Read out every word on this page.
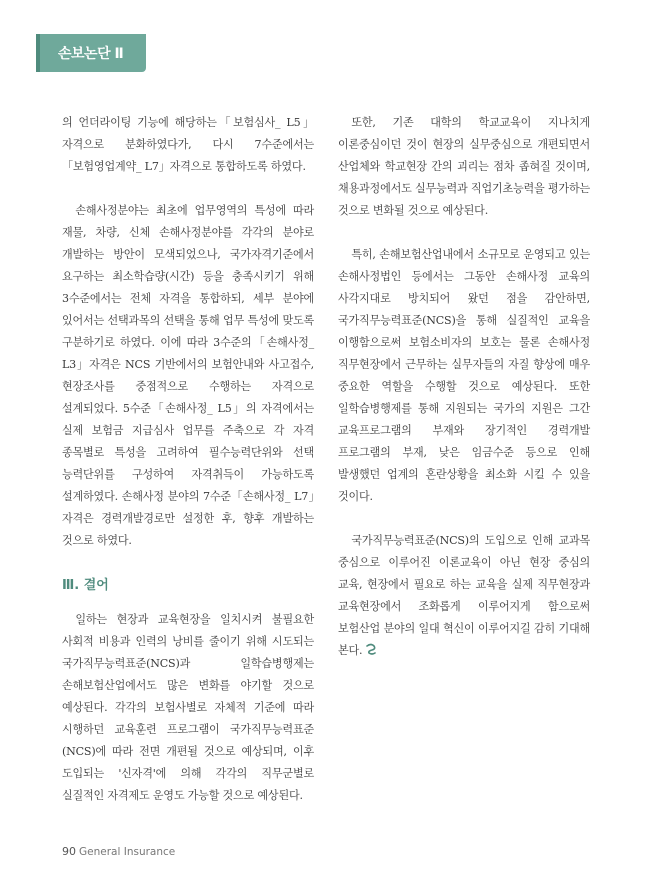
손보논단 Ⅱ

의 언더라이팅 기능에 해당하는「보험심사_ L5」자격으로 분화하였다가, 다시 7수준에서는「보험영업계약_ L7」자격으로 통합하도록 하였다.

손해사정분야는 최초에 업무영역의 특성에 따라 재물, 차량, 신체 손해사정분야를 각각의 분야로 개발하는 방안이 모색되었으나, 국가자격기준에서 요구하는 최소학습량(시간) 등을 충족시키기 위해 3수준에서는 전체 자격을 통합하되, 세부 분야에 있어서는 선택과목의 선택을 통해 업무 특성에 맞도록 구분하기로 하였다. 이에 따라 3수준의「손해사정_ L3」자격은 NCS 기반에서의 보험안내와 사고접수, 현장조사를 중점적으로 수행하는 자격으로 설계되었다. 5수준「손해사정_ L5」의 자격에서는 실제 보험금 지급심사 업무를 주축으로 각 자격 종목별로 특성을 고려하여 필수능력단위와 선택 능력단위를 구성하여 자격취득이 가능하도록 설계하였다. 손해사정 분야의 7수준「손해사정_ L7」자격은 경력개발경로만 설정한 후, 향후 개발하는 것으로 하였다.

Ⅲ. 결어

일하는 현장과 교육현장을 일치시켜 불필요한 사회적 비용과 인력의 낭비를 줄이기 위해 시도되는 국가직무능력표준(NCS)과 일학습병행제는 손해보험산업에서도 많은 변화를 야기할 것으로 예상된다. 각각의 보험사별로 자체적 기준에 따라 시행하던 교육훈련 프로그램이 국가직무능력표준(NCS)에 따라 전면 개편될 것으로 예상되며, 이후 도입되는 '신자격'에 의해 각각의 직무군별로 실질적인 자격제도 운영도 가능할 것으로 예상된다.

또한, 기존 대학의 학교교육이 지나치게 이론중심이던 것이 현장의 실무중심으로 개편되면서 산업체와 학교현장 간의 괴리는 점차 좁혀질 것이며, 채용과정에서도 실무능력과 직업기초능력을 평가하는 것으로 변화될 것으로 예상된다.

특히, 손해보험산업내에서 소규모로 운영되고 있는 손해사정법인 등에서는 그동안 손해사정 교육의 사각지대로 방치되어 왔던 점을 감안하면, 국가직무능력표준(NCS)을 통해 실질적인 교육을 이행함으로써 보험소비자의 보호는 물론 손해사정 직무현장에서 근무하는 실무자들의 자질 향상에 매우 중요한 역할을 수행할 것으로 예상된다. 또한 일학습병행제를 통해 지원되는 국가의 지원은 그간 교육프로그램의 부재와 장기적인 경력개발 프로그램의 부재, 낮은 임금수준 등으로 인해 발생했던 업계의 혼란상황을 최소화 시킬 수 있을 것이다.

국가직무능력표준(NCS)의 도입으로 인해 교과목 중심으로 이루어진 이론교육이 아닌 현장 중심의 교육, 현장에서 필요로 하는 교육을 실제 직무현장과 교육현장에서 조화롭게 이루어지게 함으로써 보험산업 분야의 일대 혁신이 이루어지길 감히 기대해 본다.

90 General Insurance
